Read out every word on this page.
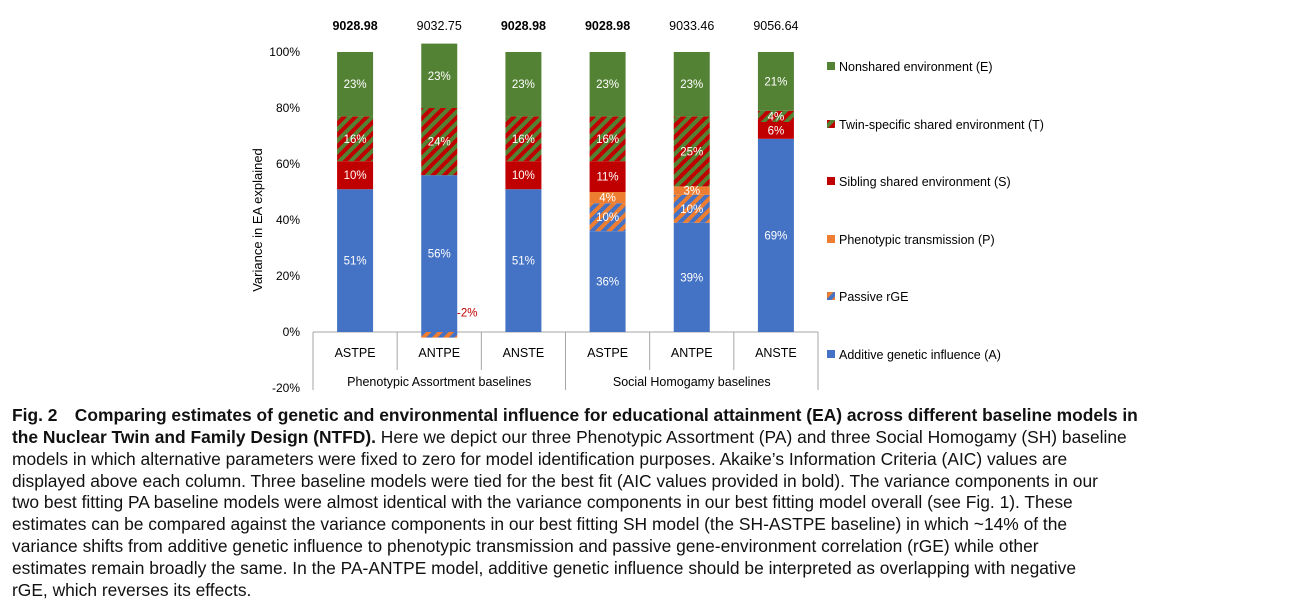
-20%
0%
20%
40%
60%
80%
100%
Variance in EA explained
ASTPE	ANTPE	ANSTE	ASTPE	ANTPE	ANSTE
Phenotypic Assortment baselines	Social Homogamy baselines
9028.98	9032.75	9028.98	9028.98	9033.46	9056.64
51%
10%
16%
23%
56%
-2%
24%
23%
51%
10%
16%
23%
36%
10%
4%
11%
16%
23%
39%
10%
3%
25%
23%
69%
6%
4%
21%
Nonshared environment (E)
Twin-specific shared environment (T)
Sibling shared environment (S)
Phenotypic transmission (P)
Passive rGE
Additive genetic influence (A)
Fig. 2 Comparing estimates of genetic and environmental influence for educational attainment (EA) across different baseline models in
the Nuclear Twin and Family Design (NTFD). Here we depict our three Phenotypic Assortment (PA) and three Social Homogamy (SH) baseline
models in which alternative parameters were fixed to zero for model identification purposes. Akaike’s Information Criteria (AIC) values are
displayed above each column. Three baseline models were tied for the best fit (AIC values provided in bold). The variance components in our
two best fitting PA baseline models were almost identical with the variance components in our best fitting model overall (see Fig. 1). These
estimates can be compared against the variance components in our best fitting SH model (the SH-ASTPE baseline) in which ~14% of the
variance shifts from additive genetic influence to phenotypic transmission and passive gene-environment correlation (rGE) while other
estimates remain broadly the same. In the PA-ANTPE model, additive genetic influence should be interpreted as overlapping with negative
rGE, which reverses its effects.
